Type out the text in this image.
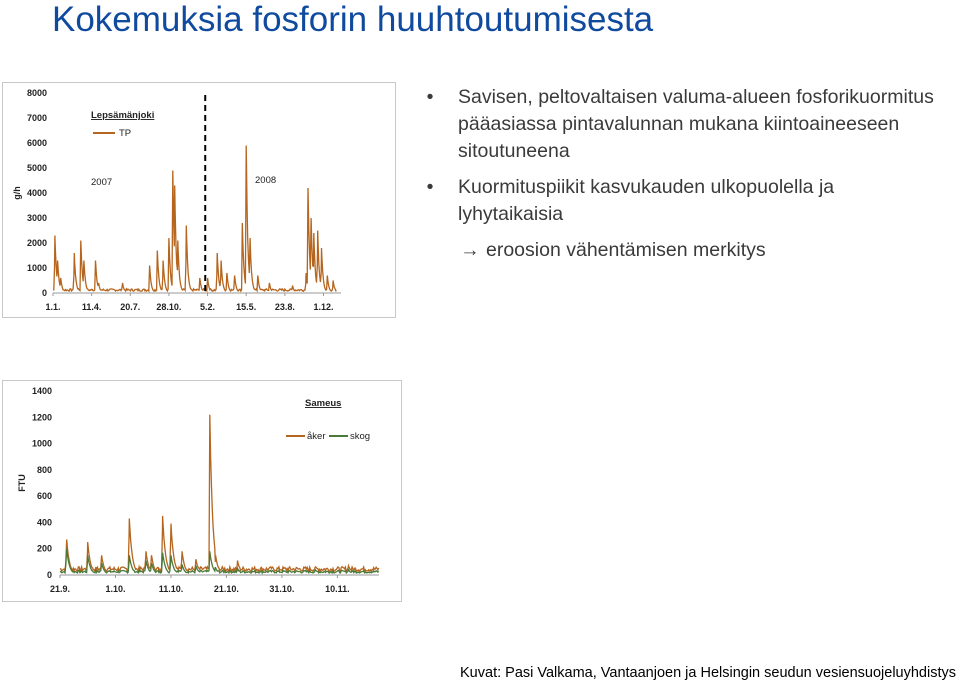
Kokemuksia fosforin huuhtoutumisesta
0
1000
2000
3000
4000
5000
6000
7000
8000
1.1. 11.4. 20.7. 28.10. 5.2. 15.5. 23.8. 1.12.
g/h
Lepsämänjoki
TP
2007	2008
•	Savisen, peltovaltaisen valuma-alueen fosforikuormitus pääasiassa pintavalunnan mukana kiintoaineeseen sitoutuneena
•	Kuormituspiikit kasvukauden ulkopuolella ja lyhytaikaisia
→ eroosion vähentämisen merkitys
0
200
400
600
800
1000
1200
1400
21.9.	1.10.	11.10.	21.10.	31.10.	10.11.
FTU
Sameus
åker	skog
Kuvat: Pasi Valkama, Vantaanjoen ja Helsingin seudun vesiensuojeluyhdistys
